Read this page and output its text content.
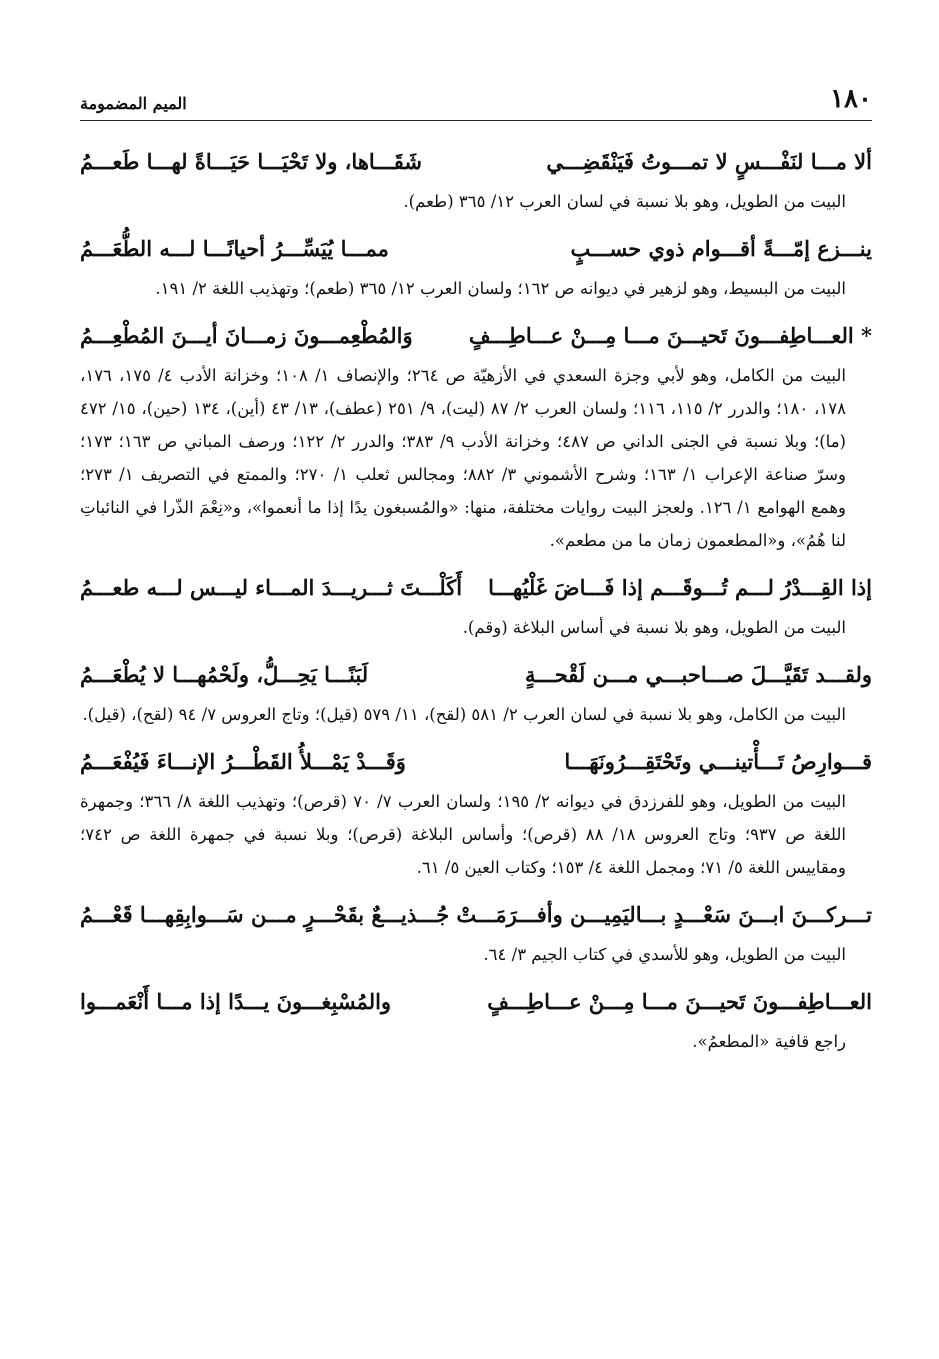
١٨٠
الميم المضمومة
ألا مـــا لنَفْـــسٍ لا تمـــوتُ فَيَنْقَضِـــي
شَقَـــاها، ولا تَحْيَـــا حَيَـــاةً لهـــا طَعـــمُ
البيت من الطويل، وهو بلا نسبة في لسان العرب ١٢/ ٣٦٥ (طعم).
ينـــزع إمّـــةً أقـــوام ذوي حســـبٍ
ممـــا يُيَسِّـــرُ أحيانًـــا لـــه الطُّعَـــمُ
البيت من البسيط، وهو لزهير في ديوانه ص ١٦٢؛ ولسان العرب ١٢/ ٣٦٥ (طعم)؛ وتهذيب اللغة ٢/ ١٩١.
* العـــاطِفـــونَ تَحيـــنَ مـــا مِـــنْ عـــاطِـــفٍ
وَالمُطْعِمـــونَ زمـــانَ أيـــنَ المُطْعِـــمُ
البيت من الكامل، وهو لأبي وجزة السعدي في الأزهيّة ص ٢٦٤؛ والإنصاف ١/ ١٠٨؛ وخزانة الأدب ٤/ ١٧٥، ١٧٦، ١٧٨، ١٨٠؛ والدرر ٢/ ١١٥، ١١٦؛ ولسان العرب ٢/ ٨٧ (ليت)، ٩/ ٢٥١ (عطف)، ١٣/ ٤٣ (أين)، ١٣٤ (حين)، ١٥/ ٤٧٢ (ما)؛ وبلا نسبة في الجنى الداني ص ٤٨٧؛ وخزانة الأدب ٩/ ٣٨٣؛ والدرر ٢/ ١٢٢؛ ورصف المباني ص ١٦٣؛ ١٧٣؛ وسرّ صناعة الإعراب ١/ ١٦٣؛ وشرح الأشموني ٣/ ٨٨٢؛ ومجالس ثعلب ١/ ٢٧٠؛ والممتع في التصريف ١/ ٢٧٣؛ وهمع الهوامع ١/ ١٢٦. ولعجز البيت روايات مختلفة، منها: «والمُسبغون يدًا إذا ما أنعموا»، و«نِعْمَ الذّرا في النائباتِ لنا هُمُ»، و«المطعمون زمان ما من مطعم».
إذا القِـــدْرُ لـــم تُـــوقَـــم إذا فَـــاضَ غَلْيُهـــا
أَكَلْـــتَ ثـــريـــدَ المـــاء ليـــس لـــه طعـــمُ
البيت من الطويل، وهو بلا نسبة في أساس البلاغة (وقم).
ولقـــد تَقَيَّـــلَ صـــاحبـــي مـــن لَقْحـــةٍ
لَبَنًـــا يَحِـــلُّ، ولَحْمُهـــا لا يُطْعَـــمُ
البيت من الكامل، وهو بلا نسبة في لسان العرب ٢/ ٥٨١ (لقح)، ١١/ ٥٧٩ (قيل)؛ وتاج العروس ٧/ ٩٤ (لقح)، (قيل).
قـــوارِصُ تَـــأْتينـــي وتَحْتَقِـــرُونَهَـــا
وَقَـــدْ يَمْـــلأُ القَطْـــرُ الإنـــاءَ فَيُفْعَـــمُ
البيت من الطويل، وهو للفرزدق في ديوانه ٢/ ١٩٥؛ ولسان العرب ٧/ ٧٠ (قرص)؛ وتهذيب اللغة ٨/ ٣٦٦؛ وجمهرة اللغة ص ٩٣٧؛ وتاج العروس ١٨/ ٨٨ (قرص)؛ وأساس البلاغة (قرص)؛ وبلا نسبة في جمهرة اللغة ص ٧٤٢؛ ومقاييس اللغة ٥/ ٧١؛ ومجمل اللغة ٤/ ١٥٣؛ وكتاب العين ٥/ ٦١.
تـــركـــنَ ابـــنَ سَعْـــدٍ بـــاليَمِيـــن وأفـــرَمَـــتْ
جُـــذيـــعٌ بقَحْـــرٍ مـــن سَـــوابِقِهـــا قَعْـــمُ
البيت من الطويل، وهو للأسدي في كتاب الجيم ٣/ ٦٤.
العـــاطِفـــونَ تَحيـــنَ مـــا مِـــنْ عـــاطِـــفٍ
والمُسْبِغـــونَ يـــدًا إذا مـــا أَنْعَمـــوا
راجع قافية «المطعمُ».
